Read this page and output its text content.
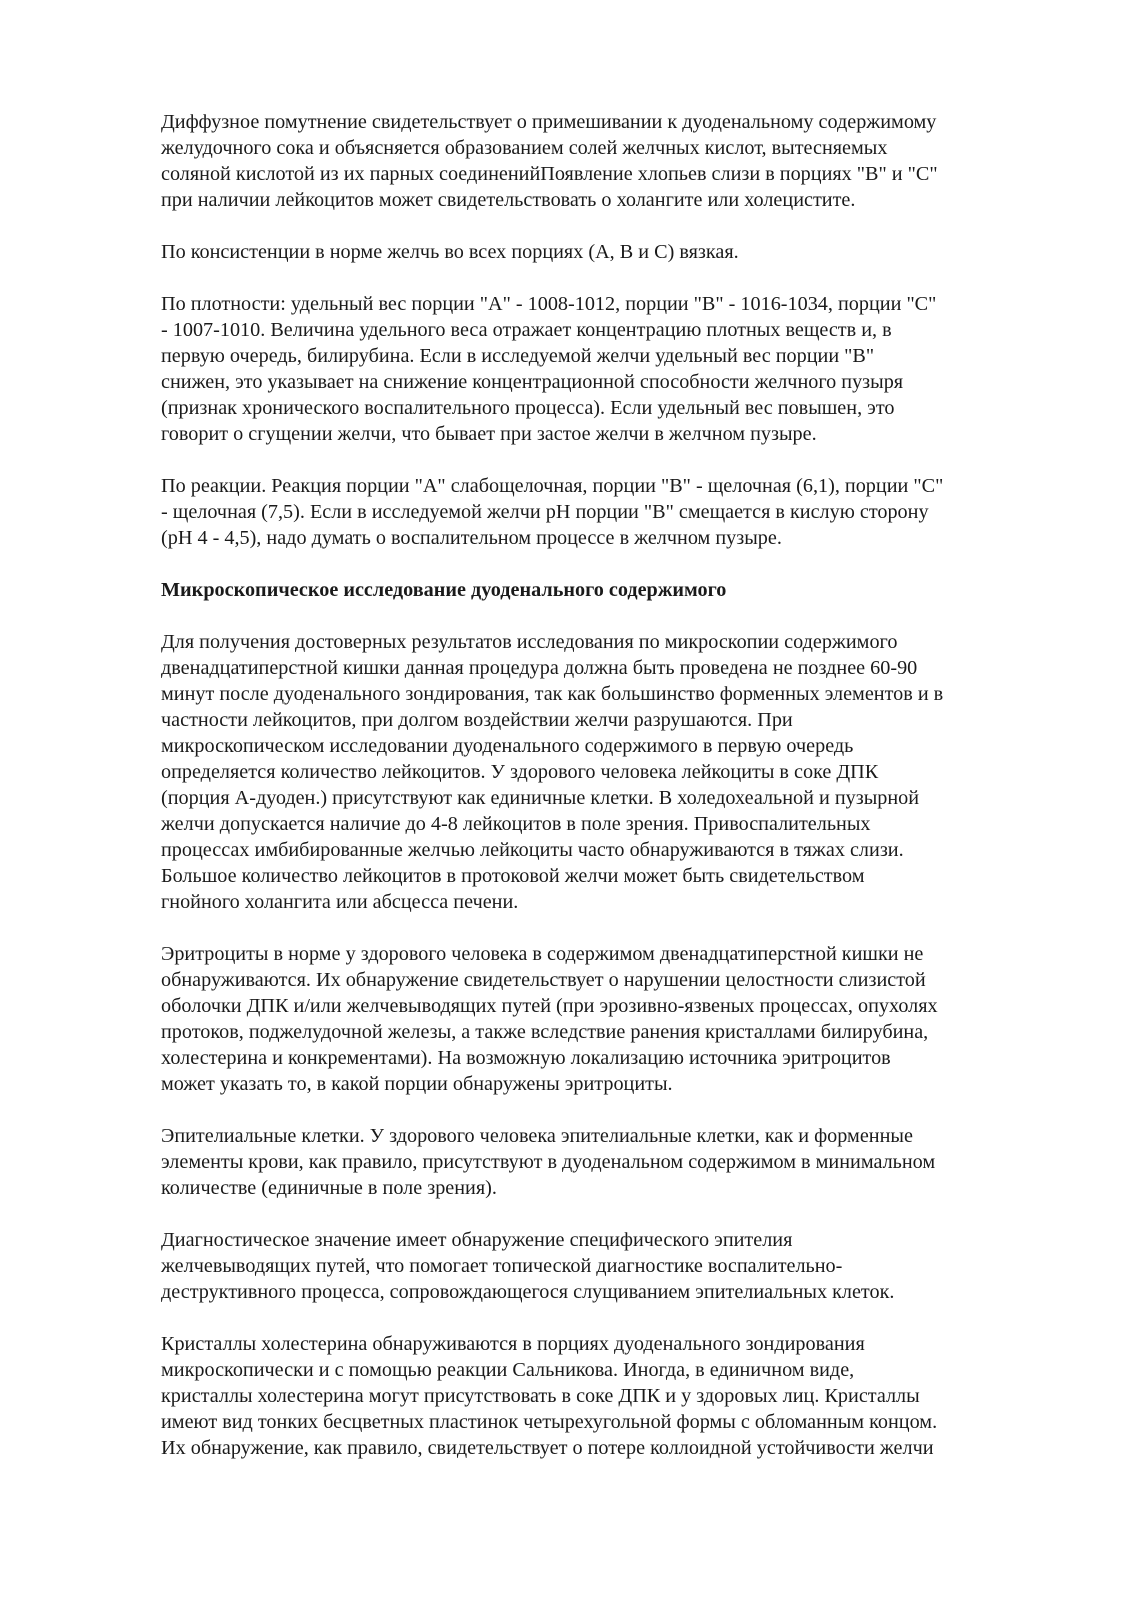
Диффузное помутнение свидетельствует о примешивании к дуоденальному содержимому
желудочного сока и объясняется образованием солей желчных кислот, вытесняемых
соляной кислотой из их парных соединенийПоявление хлопьев слизи в порциях "В" и "С"
при наличии лейкоцитов может свидетельствовать о холангите или холецистите.

По консистенции в норме желчь во всех порциях (А, В и С) вязкая.

По плотности: удельный вес порции "А" - 1008-1012, порции "В" - 1016-1034, порции "С"
- 1007-1010. Величина удельного веса отражает концентрацию плотных веществ и, в
первую очередь, билирубина. Если в исследуемой желчи удельный вес порции "В"
снижен, это указывает на снижение концентрационной способности желчного пузыря
(признак хронического воспалительного процесса). Если удельный вес повышен, это
говорит о сгущении желчи, что бывает при застое желчи в желчном пузыре.

По реакции. Реакция порции "А" слабощелочная, порции "В" - щелочная (6,1), порции "С"
- щелочная (7,5). Если в исследуемой желчи рН порции "В" смещается в кислую сторону
(рН 4 - 4,5), надо думать о воспалительном процессе в желчном пузыре.

Микроскопическое исследование дуоденального содержимого

Для получения достоверных результатов исследования по микроскопии содержимого
двенадцатиперстной кишки данная процедура должна быть проведена не позднее 60-90
минут после дуоденального зондирования, так как большинство форменных элементов и в
частности лейкоцитов, при долгом воздействии желчи разрушаются. При
микроскопическом исследовании дуоденального содержимого в первую очередь
определяется количество лейкоцитов. У здорового человека лейкоциты в соке ДПК
(порция А-дуоден.) присутствуют как единичные клетки. В холедохеальной и пузырной
желчи допускается наличие до 4-8 лейкоцитов в поле зрения. Привоспалительных
процессах имбибированные желчью лейкоциты часто обнаруживаются в тяжах слизи.
Большое количество лейкоцитов в протоковой желчи может быть свидетельством
гнойного холангита или абсцесса печени.

Эритроциты в норме у здорового человека в содержимом двенадцатиперстной кишки не
обнаруживаются. Их обнаружение свидетельствует о нарушении целостности слизистой
оболочки ДПК и/или желчевыводящих путей (при эрозивно-язвеных процессах, опухолях
протоков, поджелудочной железы, а также вследствие ранения кристаллами билирубина,
холестерина и конкрементами). На возможную локализацию источника эритроцитов
может указать то, в какой порции обнаружены эритроциты.

Эпителиальные клетки. У здорового человека эпителиальные клетки, как и форменные
элементы крови, как правило, присутствуют в дуоденальном содержимом в минимальном
количестве (единичные в поле зрения).

Диагностическое значение имеет обнаружение специфического эпителия
желчевыводящих путей, что помогает топической диагностике воспалительно-
деструктивного процесса, сопровождающегося слущиванием эпителиальных клеток.

Кристаллы холестерина обнаруживаются в порциях дуоденального зондирования
микроскопически и с помощью реакции Сальникова. Иногда, в единичном виде,
кристаллы холестерина могут присутствовать в соке ДПК и у здоровых лиц. Кристаллы
имеют вид тонких бесцветных пластинок четырехугольной формы с обломанным концом.
Их обнаружение, как правило, свидетельствует о потере коллоидной устойчивости желчи
